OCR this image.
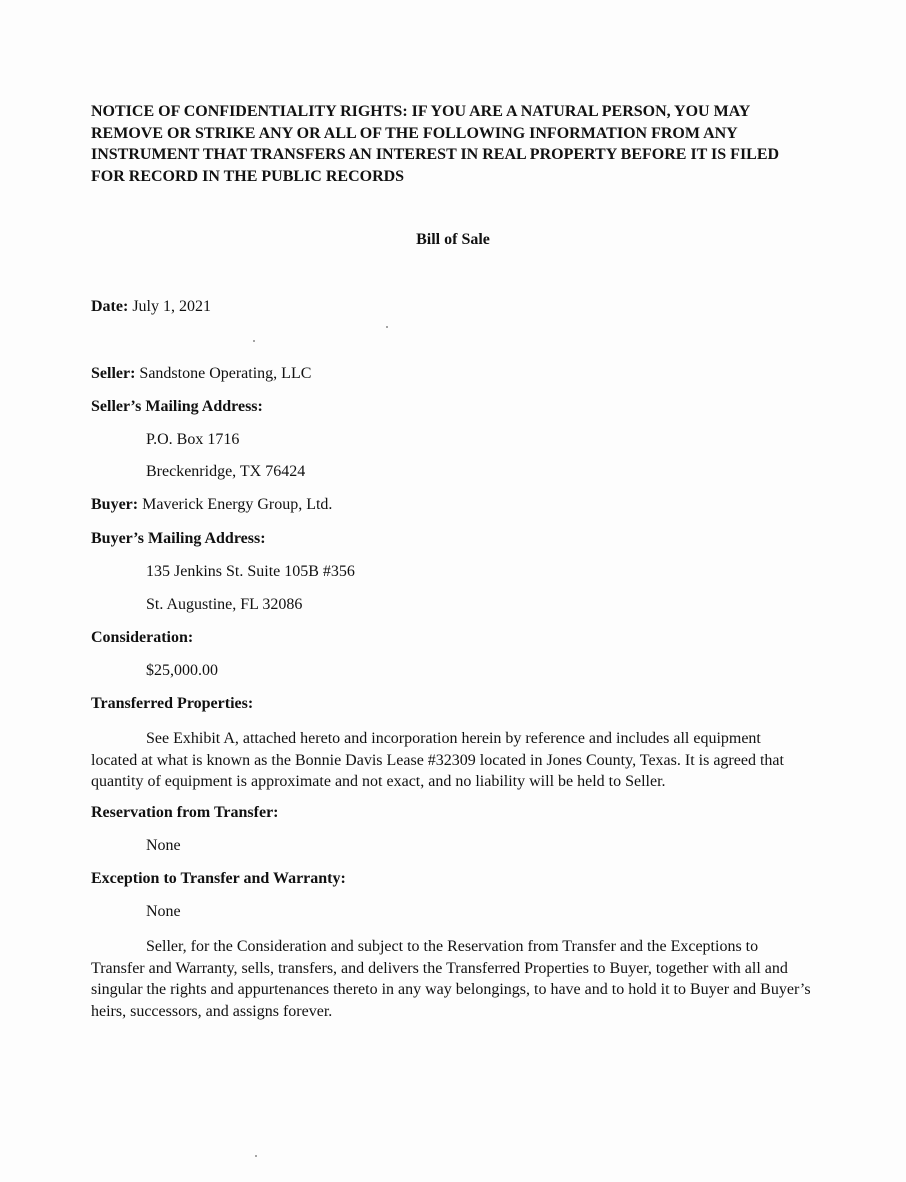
NOTICE OF CONFIDENTIALITY RIGHTS: IF YOU ARE A NATURAL PERSON, YOU MAY REMOVE OR STRIKE ANY OR ALL OF THE FOLLOWING INFORMATION FROM ANY INSTRUMENT THAT TRANSFERS AN INTEREST IN REAL PROPERTY BEFORE IT IS FILED FOR RECORD IN THE PUBLIC RECORDS
Bill of Sale
Date: July 1, 2021
Seller: Sandstone Operating, LLC
Seller’s Mailing Address:
P.O. Box 1716
Breckenridge, TX 76424
Buyer: Maverick Energy Group, Ltd.
Buyer’s Mailing Address:
135 Jenkins St. Suite 105B #356
St. Augustine, FL 32086
Consideration:
$25,000.00
Transferred Properties:
See Exhibit A, attached hereto and incorporation herein by reference and includes all equipment located at what is known as the Bonnie Davis Lease #32309 located in Jones County, Texas. It is agreed that quantity of equipment is approximate and not exact, and no liability will be held to Seller.
Reservation from Transfer:
None
Exception to Transfer and Warranty:
None
Seller, for the Consideration and subject to the Reservation from Transfer and the Exceptions to Transfer and Warranty, sells, transfers, and delivers the Transferred Properties to Buyer, together with all and singular the rights and appurtenances thereto in any way belongings, to have and to hold it to Buyer and Buyer’s heirs, successors, and assigns forever.
